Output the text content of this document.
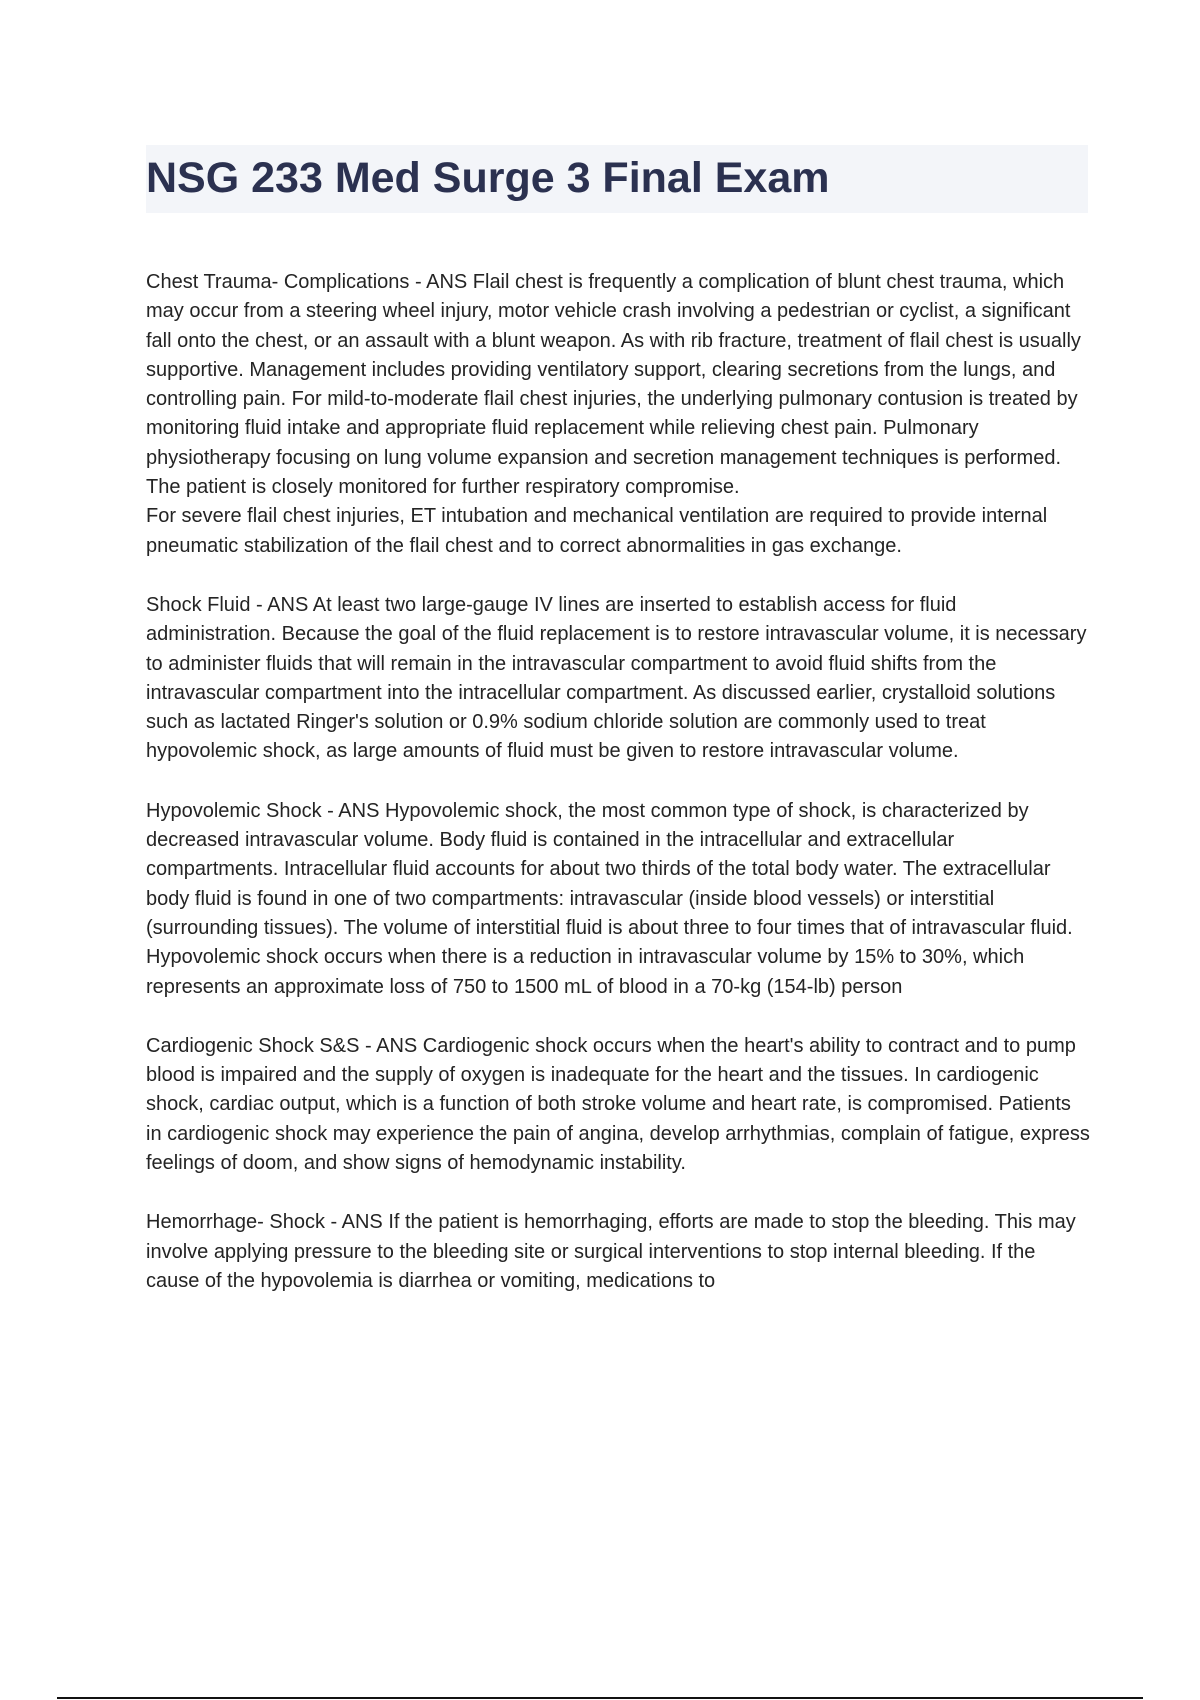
NSG 233 Med Surge 3 Final Exam

Chest Trauma- Complications - ANS Flail chest is frequently a complication of blunt chest trauma, which may occur from a steering wheel injury, motor vehicle crash involving a pedestrian or cyclist, a significant fall onto the chest, or an assault with a blunt weapon. As with rib fracture, treatment of flail chest is usually supportive. Management includes providing ventilatory support, clearing secretions from the lungs, and controlling pain. For mild-to-moderate flail chest injuries, the underlying pulmonary contusion is treated by monitoring fluid intake and appropriate fluid replacement while relieving chest pain. Pulmonary physiotherapy focusing on lung volume expansion and secretion management techniques is performed. The patient is closely monitored for further respiratory compromise.

For severe flail chest injuries, ET intubation and mechanical ventilation are required to provide internal pneumatic stabilization of the flail chest and to correct abnormalities in gas exchange.

Shock Fluid - ANS At least two large-gauge IV lines are inserted to establish access for fluid administration. Because the goal of the fluid replacement is to restore intravascular volume, it is necessary to administer fluids that will remain in the intravascular compartment to avoid fluid shifts from the intravascular compartment into the intracellular compartment. As discussed earlier, crystalloid solutions such as lactated Ringer's solution or 0.9% sodium chloride solution are commonly used to treat hypovolemic shock, as large amounts of fluid must be given to restore intravascular volume.

Hypovolemic Shock - ANS Hypovolemic shock, the most common type of shock, is characterized by decreased intravascular volume. Body fluid is contained in the intracellular and extracellular compartments. Intracellular fluid accounts for about two thirds of the total body water. The extracellular body fluid is found in one of two compartments: intravascular (inside blood vessels) or interstitial (surrounding tissues). The volume of interstitial fluid is about three to four times that of intravascular fluid. Hypovolemic shock occurs when there is a reduction in intravascular volume by 15% to 30%, which represents an approximate loss of 750 to 1500 mL of blood in a 70-kg (154-lb) person

Cardiogenic Shock S&S - ANS Cardiogenic shock occurs when the heart's ability to contract and to pump blood is impaired and the supply of oxygen is inadequate for the heart and the tissues. In cardiogenic shock, cardiac output, which is a function of both stroke volume and heart rate, is compromised. Patients in cardiogenic shock may experience the pain of angina, develop arrhythmias, complain of fatigue, express feelings of doom, and show signs of hemodynamic instability.

Hemorrhage- Shock - ANS If the patient is hemorrhaging, efforts are made to stop the bleeding. This may involve applying pressure to the bleeding site or surgical interventions to stop internal bleeding. If the cause of the hypovolemia is diarrhea or vomiting, medications to
